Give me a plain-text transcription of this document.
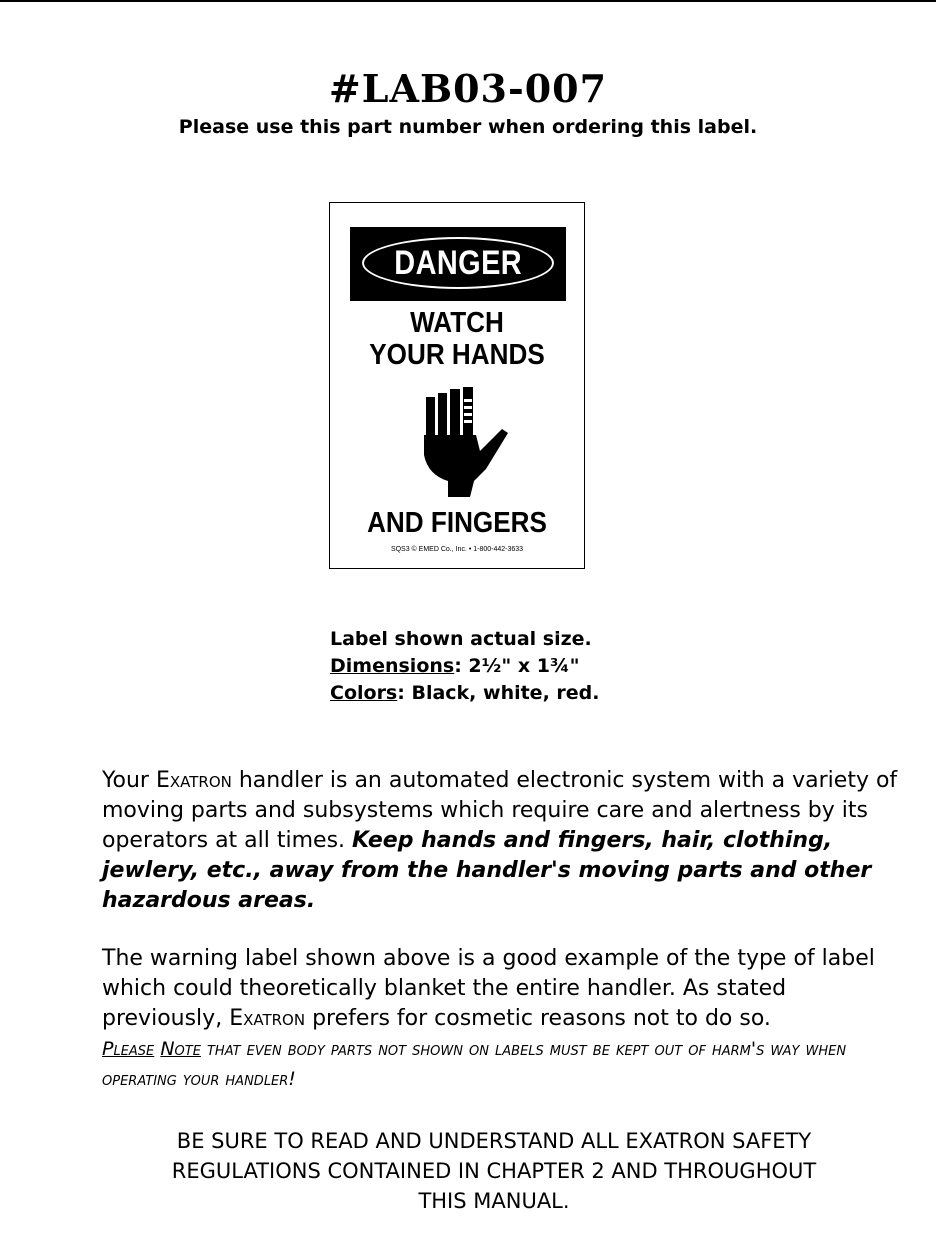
#LAB03-007
Please use this part number when ordering this label.
DANGER
WATCH
YOUR HANDS
AND FINGERS
SQS3 © EMED Co., Inc. • 1-800-442-3633
Label shown actual size.
Dimensions: 2½" x 1¾"
Colors: Black, white, red.
Your Exatron handler is an automated electronic system with a variety of moving parts and subsystems which require care and alertness by its operators at all times. Keep hands and fingers, hair, clothing, jewlery, etc., away from the handler's moving parts and other hazardous areas.
The warning label shown above is a good example of the type of label which could theoretically blanket the entire handler. As stated previously, Exatron prefers for cosmetic reasons not to do so.
Please Note that even body parts not shown on labels must be kept out of harm's way when operating your handler!
BE SURE TO READ AND UNDERSTAND ALL EXATRON SAFETY
REGULATIONS CONTAINED IN CHAPTER 2 AND THROUGHOUT
THIS MANUAL.
